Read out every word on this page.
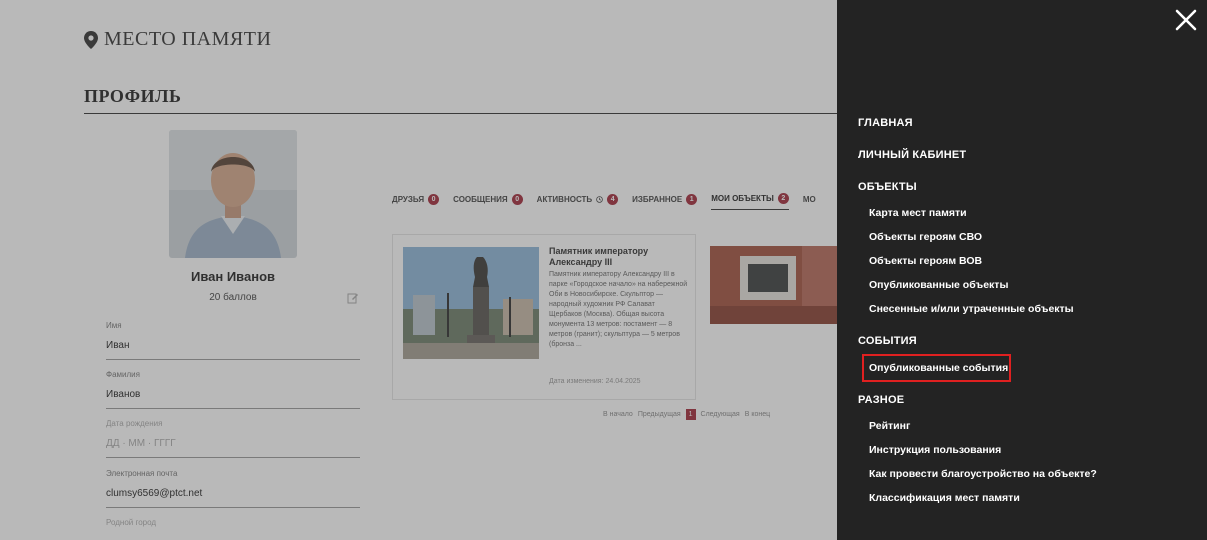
МЕСТО ПАМЯТИ
ПРОФИЛЬ
Иван Иванов
20 баллов
Имя
Иван
Фамилия
Иванов
Дата рождения
ДД · ММ · ГГГГ
Электронная почта
clumsy6569@ptct.net
Родной город
ДРУЗЬЯ	0	СООБЩЕНИЯ	0	АКТИВНОСТЬ	4	ИЗБРАННОЕ	1	МОИ ОБЪЕКТЫ	2	МО
Памятник императору Александру III
Памятник императору Александру III в парке «Городское начало» на набережной Оби в Новосибирске. Скульптор — народный художник РФ Салават Щербаков (Москва). Общая высота монумента 13 метров: постамент — 8 метров (гранит); скульптура — 5 метров (бронза ...
Дата изменения: 24.04.2025
В начало Предыдущая	1	Следующая В конец
ГЛАВНАЯ
ЛИЧНЫЙ КАБИНЕТ
ОБЪЕКТЫ
Карта мест памяти
Объекты героям СВО
Объекты героям ВОВ
Опубликованные объекты
Снесенные и/или утраченные объекты
СОБЫТИЯ
Опубликованные события
РАЗНОЕ
Рейтинг
Инструкция пользования
Как провести благоустройство на объекте?
Классификация мест памяти
